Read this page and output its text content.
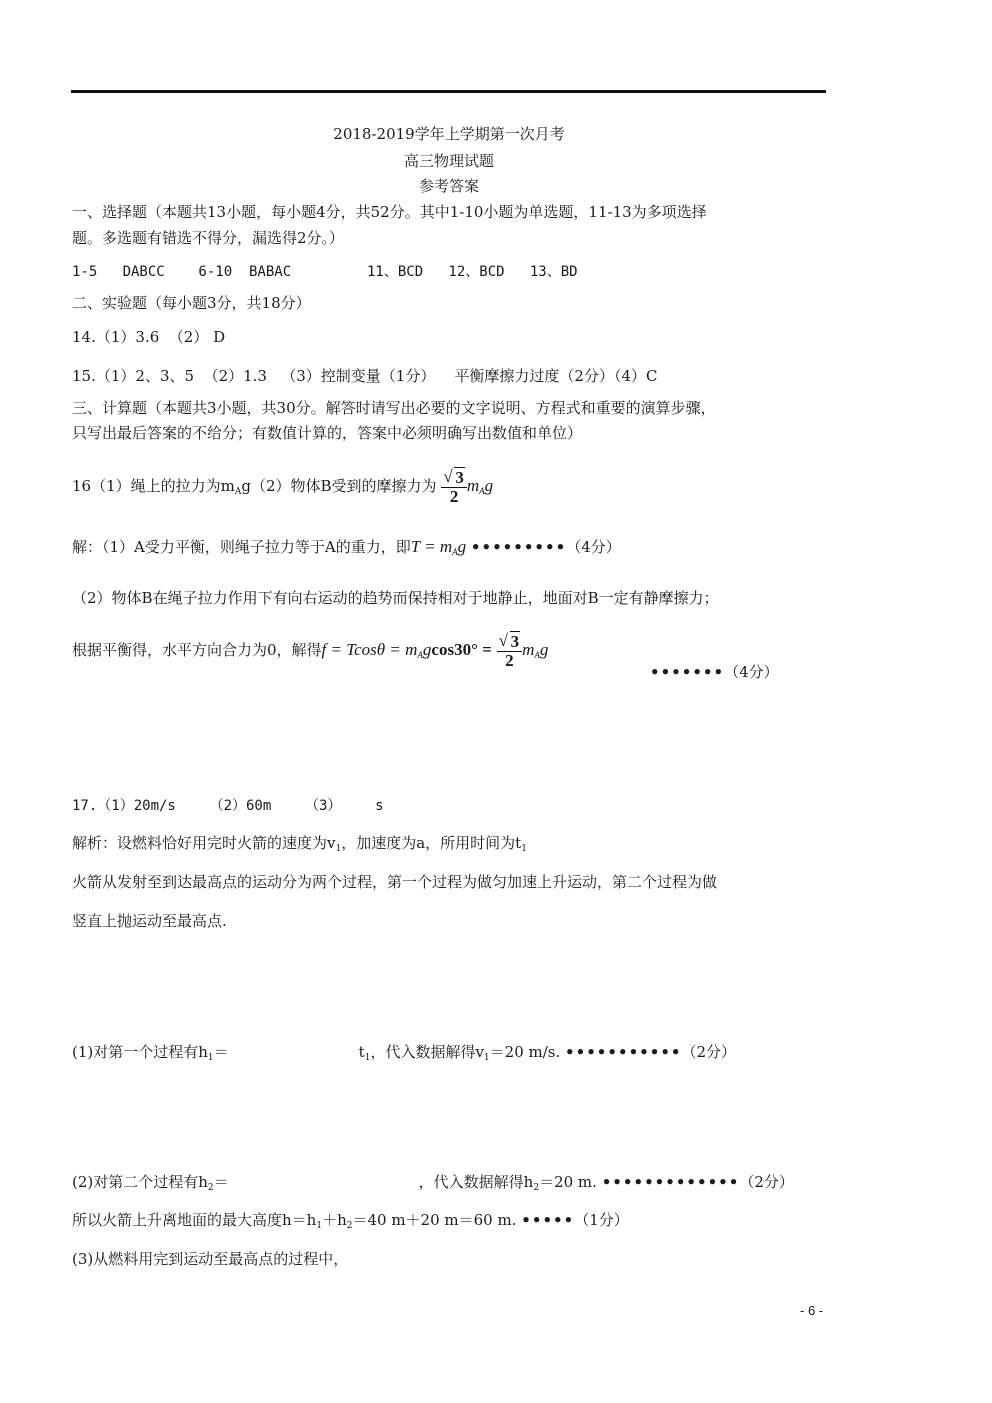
2018-2019学年上学期第一次月考
高三物理试题
参考答案
一、选择题（本题共13小题，每小题4分，共52分。其中1-10小题为单选题，11-13为多项选择
题。多选题有错选不得分，漏选得2分。）
1-5   DABCC    6-10  BABAC         11、BCD   12、BCD   13、BD
二、实验题（每小题3分，共18分）
14.（1）3.6  （2） D
15.（1）2、3、5  （2）1.3   （3）控制变量（1分）    平衡摩擦力过度（2分）（4）C
三、计算题（本题共3小题，共30分。解答时请写出必要的文字说明、方程式和重要的演算步骤，
只写出最后答案的不给分；有数值计算的，答案中必须明确写出数值和单位）
16（1）绳上的拉力为$m_Ag(2)$物体B受到的摩擦力为 √ $\frac{3}{2} m_Ag$
解：（1）A受力平衡，则绳子拉力等于A的重力，即$T = m_Ag$ •••••••••（4分）
（2）物体B在绳子拉力作用下有向右运动的趋势而保持相对于地静止，地面对B一定有静摩擦力；
根据平衡得，水平方向合力为0，解得$f = Tcos\theta = m_Agcos30^\circ$ = √ $\frac{3}{2} m_Ag$
•••••••（4分）
17.（1）20m/s    （2）60m    （3）    s
解析：设燃料恰好用完时火箭的速度为$v_1$，加速度为a，所用时间为$t_1$
火箭从发射至到达最高点的运动分为两个过程，第一个过程为做匀加速上升运动，第二个过程为做
竖直上抛运动至最高点.
(1)对第一个过程有$h_1=$	$t_1$，代入数据解得$v_1=20$ m/s. •••••••••••（2分）
(2)对第二个过程有$h_2=$	，代入数据解得$h_2=20$ m. •••••••••••••（2分）
所以火箭上升离地面的最大高度$h=h_1+h_2=40$ m＋20 m＝60 m. •••••（1分）
(3)从燃料用完到运动至最高点的过程中，
- 6 -
